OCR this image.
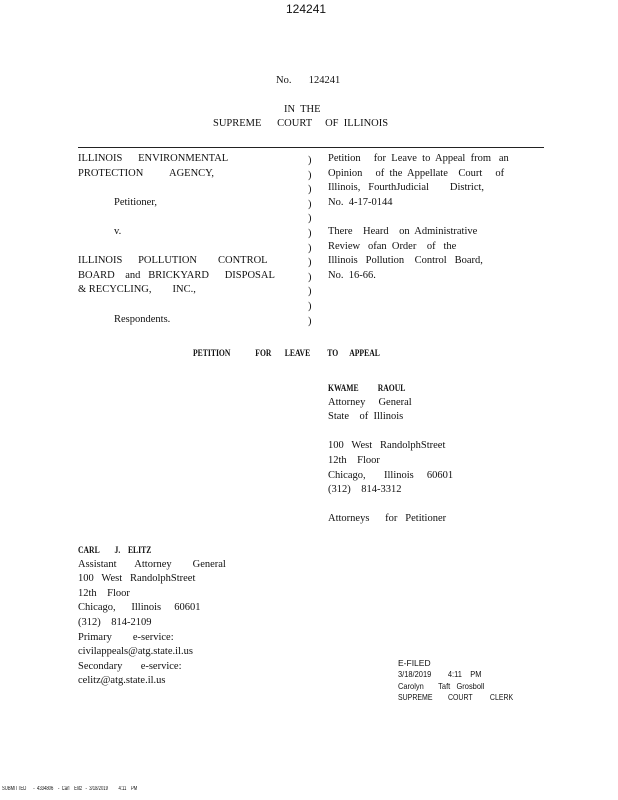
124241
No.  124241
IN  THE
SUPREME      COURT     OF  ILLINOIS
ILLINOIS      ENVIRONMENTAL
PROTECTION          AGENCY,
Petitioner,
v.
ILLINOIS      POLLUTION        CONTROL
BOARD    and   BRICKYARD      DISPOSAL
& RECYCLING,        INC.,
Respondents.
)
)
)
)
)
)
)
)
)
)
)
)
Petition     for  Leave  to  Appeal  from   an
Opinion     of  the  Appellate    Court     of
Illinois,   FourthJudicial        District,
No.  4-17-0144
There    Heard    on  Administrative
Review   ofan  Order    of   the
Illinois   Pollution    Control   Board,
No.  16-66.
PETITION             FOR       LEAVE         TO      APPEAL
KWAME          RAOUL
Attorney     General
State    of  Illinois
100   West   RandolphStreet
12th    Floor
Chicago,       Illinois     60601
(312)    814-3312
Attorneys      for   Petitioner
CARL        J.    ELITZ
Assistant       Attorney        General
100   West   RandolphStreet
12th    Floor
Chicago,      Illinois     60601
(312)    814-2109
Primary        e-service:
civilappeals@atg.state.il.us
Secondary       e-service:
celitz@atg.state.il.us
E-FILED
3/18/2019        4:11    PM
Carolyn       Taft   Grosboll
SUPREME        COURT         CLERK
SUBMITTED      -  4334806    -  Carl    Elitz   -  3/18/2019         4:11    PM
